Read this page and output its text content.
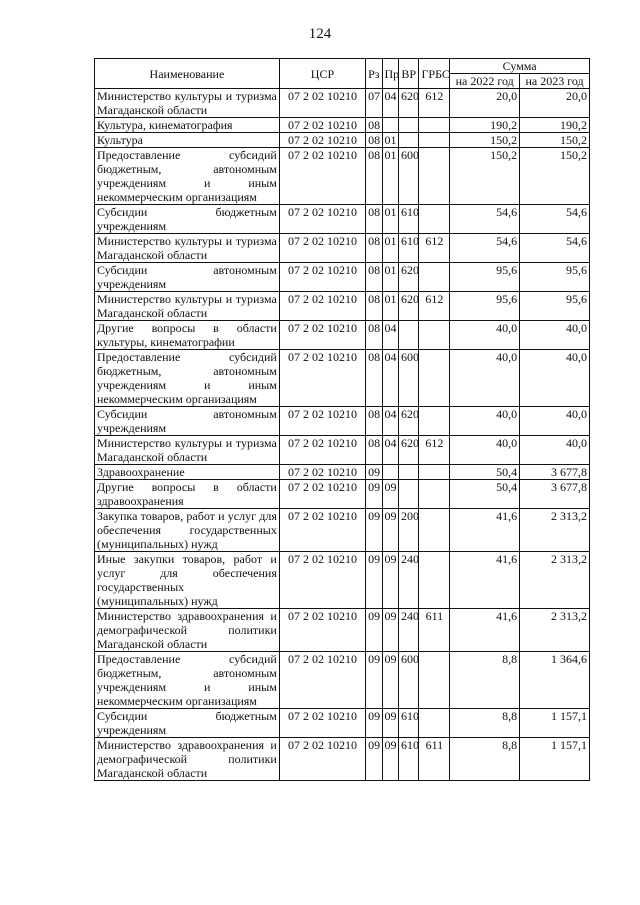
124
Наименование	ЦСР	Рз	Пр	ВР	ГРБС	Сумма	
						на 2022 год	на 2023 год
Министерство культуры и туризма Магаданской области	07 2 02 10210	07	04	620	612	20,0	20,0
Культура, кинематография	07 2 02 10210	08				190,2	190,2
Культура	07 2 02 10210	08	01			150,2	150,2
Предоставление субсидий бюджетным, автономным учреждениям и иным некоммерческим организациям	07 2 02 10210	08	01	600		150,2	150,2
Субсидии бюджетным учреждениям	07 2 02 10210	08	01	610		54,6	54,6
Министерство культуры и туризма Магаданской области	07 2 02 10210	08	01	610	612	54,6	54,6
Субсидии автономным учреждениям	07 2 02 10210	08	01	620		95,6	95,6
Министерство культуры и туризма Магаданской области	07 2 02 10210	08	01	620	612	95,6	95,6
Другие вопросы в области культуры, кинематографии	07 2 02 10210	08	04			40,0	40,0
Предоставление субсидий бюджетным, автономным учреждениям и иным некоммерческим организациям	07 2 02 10210	08	04	600		40,0	40,0
Субсидии автономным учреждениям	07 2 02 10210	08	04	620		40,0	40,0
Министерство культуры и туризма Магаданской области	07 2 02 10210	08	04	620	612	40,0	40,0
Здравоохранение	07 2 02 10210	09				50,4	3 677,8
Другие вопросы в области здравоохранения	07 2 02 10210	09	09			50,4	3 677,8
Закупка товаров, работ и услуг для обеспечения государственных (муниципальных) нужд	07 2 02 10210	09	09	200		41,6	2 313,2
Иные закупки товаров, работ и услуг для обеспечения государственных (муниципальных) нужд	07 2 02 10210	09	09	240		41,6	2 313,2
Министерство здравоохранения и демографической политики Магаданской области	07 2 02 10210	09	09	240	611	41,6	2 313,2
Предоставление субсидий бюджетным, автономным учреждениям и иным некоммерческим организациям	07 2 02 10210	09	09	600		8,8	1 364,6
Субсидии бюджетным учреждениям	07 2 02 10210	09	09	610		8,8	1 157,1
Министерство здравоохранения и демографической политики Магаданской области	07 2 02 10210	09	09	610	611	8,8	1 157,1
